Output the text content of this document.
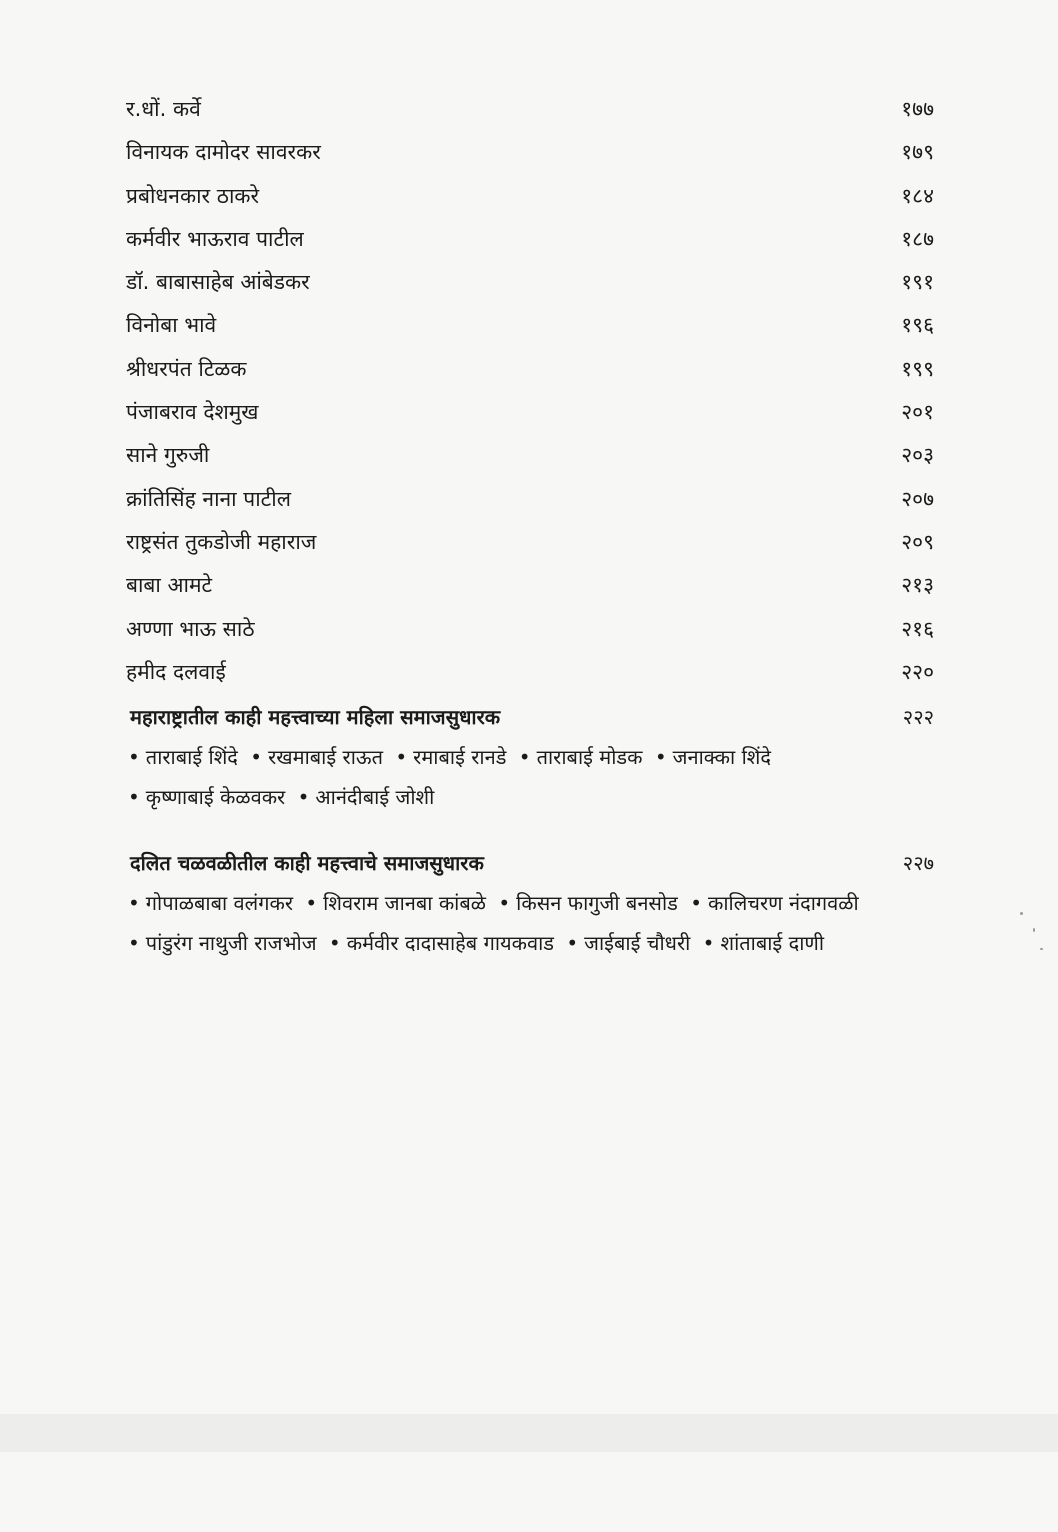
र.धों. कर्वे	१७७
विनायक दामोदर सावरकर	१७९
प्रबोधनकार ठाकरे	१८४
कर्मवीर भाऊराव पाटील	१८७
डॉ. बाबासाहेब आंबेडकर	१९१
विनोबा भावे	१९६
श्रीधरपंत टिळक	१९९
पंजाबराव देशमुख	२०१
साने गुरुजी	२०३
क्रांतिसिंह नाना पाटील	२०७
राष्ट्रसंत तुकडोजी महाराज	२०९
बाबा आमटे	२१३
अण्णा भाऊ साठे	२१६
हमीद दलवाई	२२०
महाराष्ट्रातील काही महत्त्वाच्या महिला समाजसुधारक	२२२
• ताराबाई शिंदे • रखमाबाई राऊत • रमाबाई रानडे • ताराबाई मोडक • जनाक्का शिंदे
• कृष्णाबाई केळवकर • आनंदीबाई जोशी
दलित चळवळीतील काही महत्त्वाचे समाजसुधारक	२२७
• गोपाळबाबा वलंगकर • शिवराम जानबा कांबळे • किसन फागुजी बनसोड • कालिचरण नंदागवळी
• पांडुरंग नाथुजी राजभोज • कर्मवीर दादासाहेब गायकवाड • जाईबाई चौधरी • शांताबाई दाणी
